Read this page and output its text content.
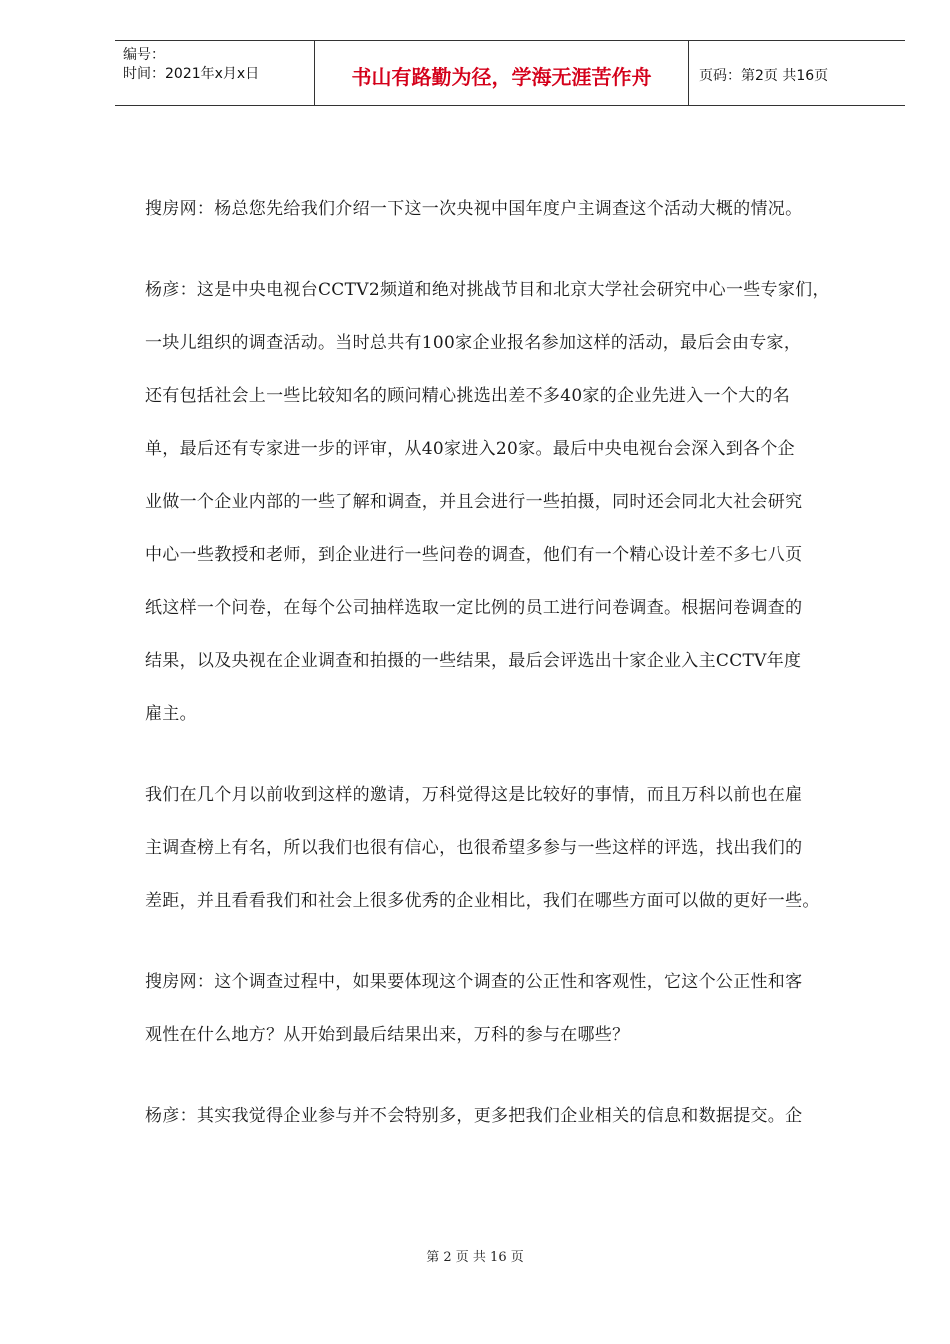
编号：
时间：2021年x月x日	书山有路勤为径，学海无涯苦作舟	页码：第2页 共16页

搜房网：杨总您先给我们介绍一下这一次央视中国年度户主调查这个活动大概的情况。

杨彦：这是中央电视台CCTV2频道和绝对挑战节目和北京大学社会研究中心一些专家们，
一块儿组织的调查活动。当时总共有100家企业报名参加这样的活动，最后会由专家，
还有包括社会上一些比较知名的顾问精心挑选出差不多40家的企业先进入一个大的名
单，最后还有专家进一步的评审，从40家进入20家。最后中央电视台会深入到各个企
业做一个企业内部的一些了解和调查，并且会进行一些拍摄，同时还会同北大社会研究
中心一些教授和老师，到企业进行一些问卷的调查，他们有一个精心设计差不多七八页
纸这样一个问卷，在每个公司抽样选取一定比例的员工进行问卷调查。根据问卷调查的
结果，以及央视在企业调查和拍摄的一些结果，最后会评选出十家企业入主CCTV年度
雇主。

我们在几个月以前收到这样的邀请，万科觉得这是比较好的事情，而且万科以前也在雇
主调查榜上有名，所以我们也很有信心，也很希望多参与一些这样的评选，找出我们的
差距，并且看看我们和社会上很多优秀的企业相比，我们在哪些方面可以做的更好一些。

搜房网：这个调查过程中，如果要体现这个调查的公正性和客观性，它这个公正性和客
观性在什么地方？从开始到最后结果出来，万科的参与在哪些？

杨彦：其实我觉得企业参与并不会特别多，更多把我们企业相关的信息和数据提交。企

第 2 页 共 16 页
